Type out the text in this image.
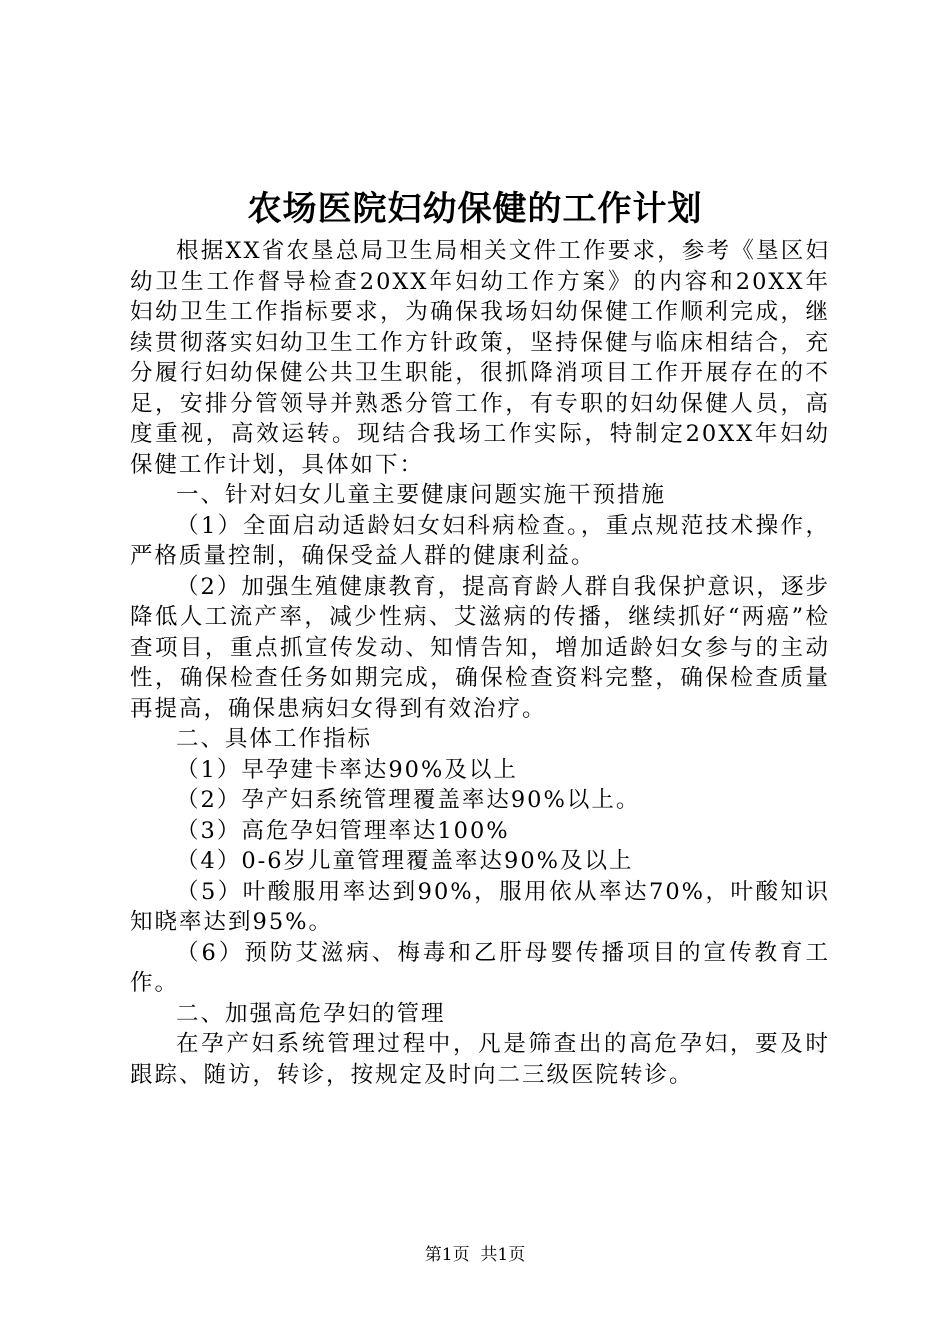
农场医院妇幼保健的工作计划

根据XX省农垦总局卫生局相关文件工作要求，参考《垦区妇幼卫生工作督导检查20XX年妇幼工作方案》的内容和20XX年妇幼卫生工作指标要求，为确保我场妇幼保健工作顺利完成，继续贯彻落实妇幼卫生工作方针政策，坚持保健与临床相结合，充分履行妇幼保健公共卫生职能，很抓降消项目工作开展存在的不足，安排分管领导并熟悉分管工作，有专职的妇幼保健人员，高度重视，高效运转。现结合我场工作实际，特制定20XX年妇幼保健工作计划，具体如下：

一、针对妇女儿童主要健康问题实施干预措施

（1）全面启动适龄妇女妇科病检查。，重点规范技术操作，严格质量控制，确保受益人群的健康利益。

（2）加强生殖健康教育，提高育龄人群自我保护意识，逐步降低人工流产率，减少性病、艾滋病的传播，继续抓好“两癌”检查项目，重点抓宣传发动、知情告知，增加适龄妇女参与的主动性，确保检查任务如期完成，确保检查资料完整，确保检查质量再提高，确保患病妇女得到有效治疗。

二、具体工作指标

（1）早孕建卡率达90%及以上

（2）孕产妇系统管理覆盖率达90%以上。

（3）高危孕妇管理率达100%

（4）0-6岁儿童管理覆盖率达90%及以上

（5）叶酸服用率达到90%，服用依从率达70%，叶酸知识知晓率达到95%。

（6）预防艾滋病、梅毒和乙肝母婴传播项目的宣传教育工作。

二、加强高危孕妇的管理

在孕产妇系统管理过程中，凡是筛查出的高危孕妇，要及时跟踪、随访，转诊，按规定及时向二三级医院转诊。

第1页  共1页
